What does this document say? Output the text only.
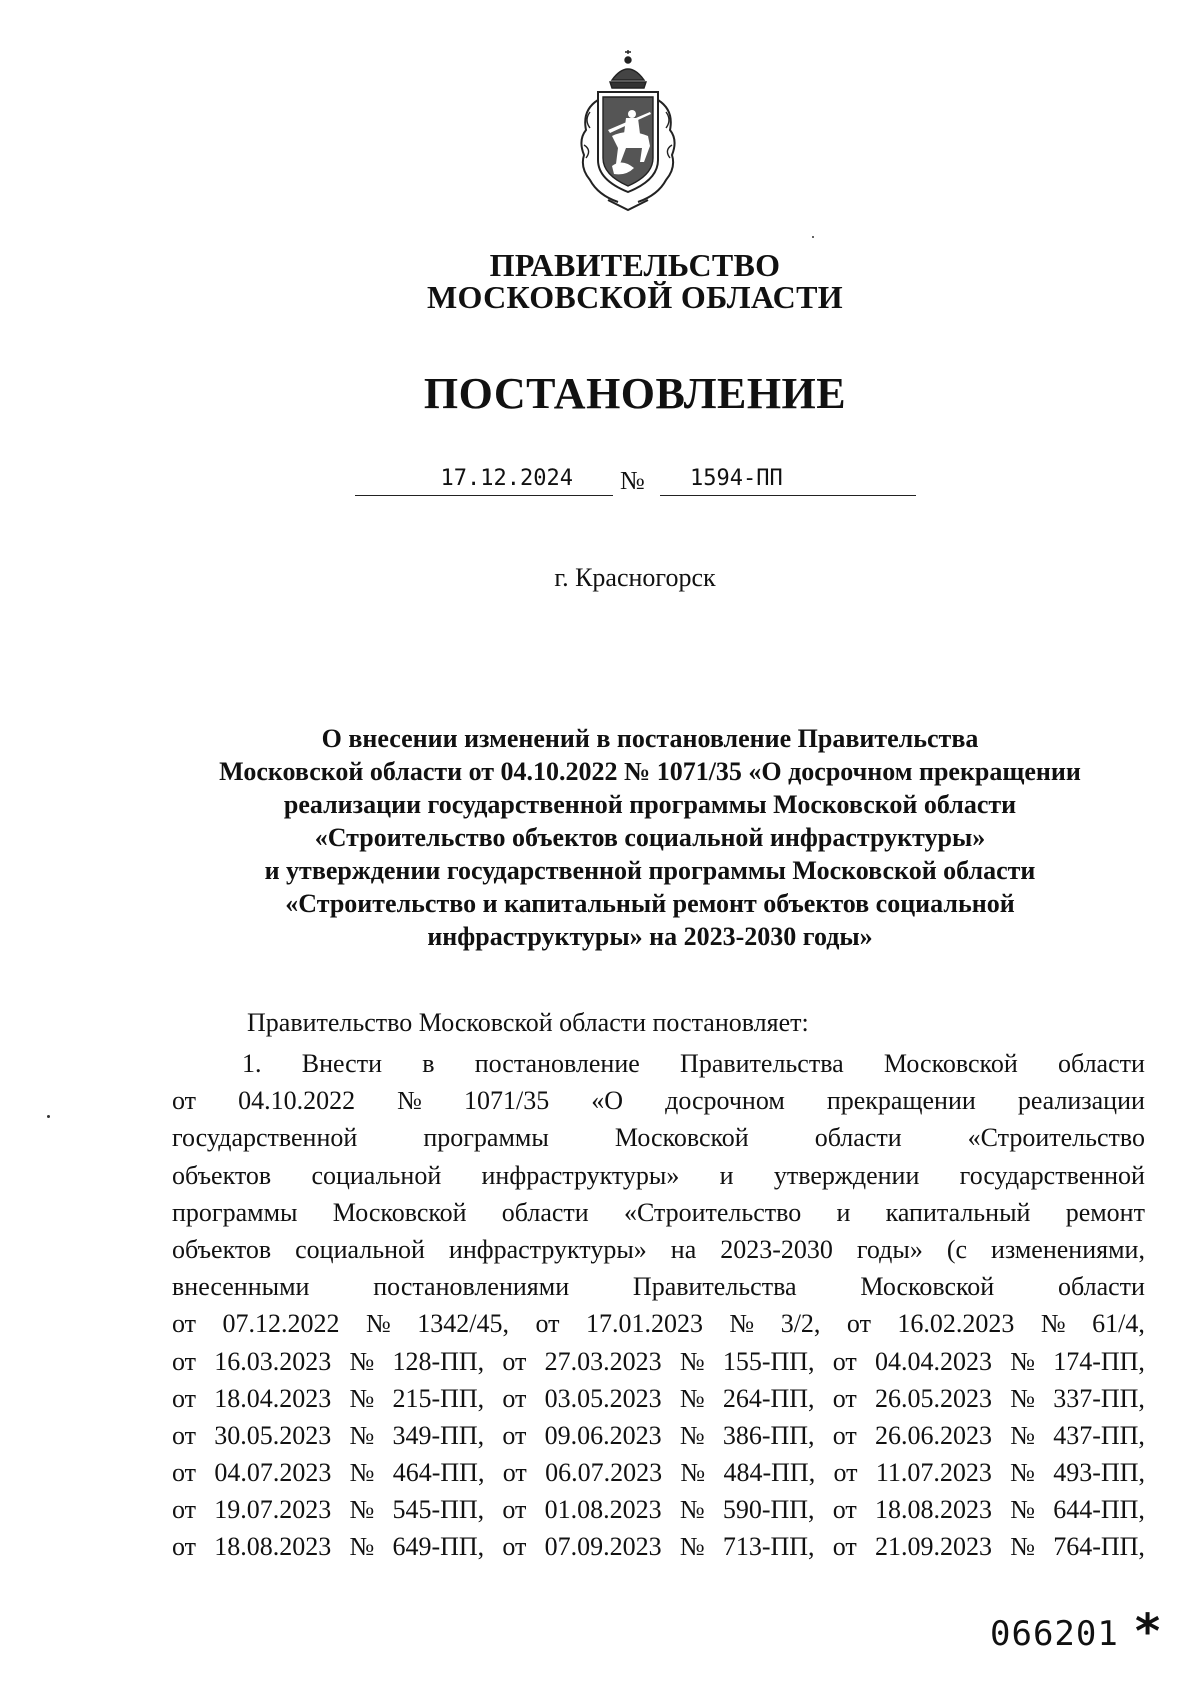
ПРАВИТЕЛЬСТВО
МОСКОВСКОЙ ОБЛАСТИ
ПОСТАНОВЛЕНИЕ
17.12.2024	№	1594-ПП
г. Красногорск
О внесении изменений в постановление Правительства
Московской области от 04.10.2022 № 1071/35 «О досрочном прекращении
реализации государственной программы Московской области
«Строительство объектов социальной инфраструктуры»
и утверждении государственной программы Московской области
«Строительство и капитальный ремонт объектов социальной
инфраструктуры» на 2023-2030 годы»
Правительство Московской области постановляет:
1. Внести в постановление Правительства Московской области
от 04.10.2022 № 1071/35 «О досрочном прекращении реализации
государственной	программы	Московской	области	«Строительство
объектов социальной инфраструктуры» и утверждении государственной
программы Московской области «Строительство и капитальный ремонт
объектов социальной инфраструктуры» на 2023-2030 годы» (с изменениями,
внесенными постановлениями Правительства Московской области
от 07.12.2022 № 1342/45, от 17.01.2023 № 3/2, от 16.02.2023 № 61/4,
от 16.03.2023 № 128-ПП, от 27.03.2023 № 155-ПП, от 04.04.2023 № 174-ПП,
от 18.04.2023 № 215-ПП, от 03.05.2023 № 264-ПП, от 26.05.2023 № 337-ПП,
от 30.05.2023 № 349-ПП, от 09.06.2023 № 386-ПП, от 26.06.2023 № 437-ПП,
от 04.07.2023 № 464-ПП, от 06.07.2023 № 484-ПП, от 11.07.2023 № 493-ПП,
от 19.07.2023 № 545-ПП, от 01.08.2023 № 590-ПП, от 18.08.2023 № 644-ПП,
от 18.08.2023 № 649-ПП, от 07.09.2023 № 713-ПП, от 21.09.2023 № 764-ПП,
066201 *
